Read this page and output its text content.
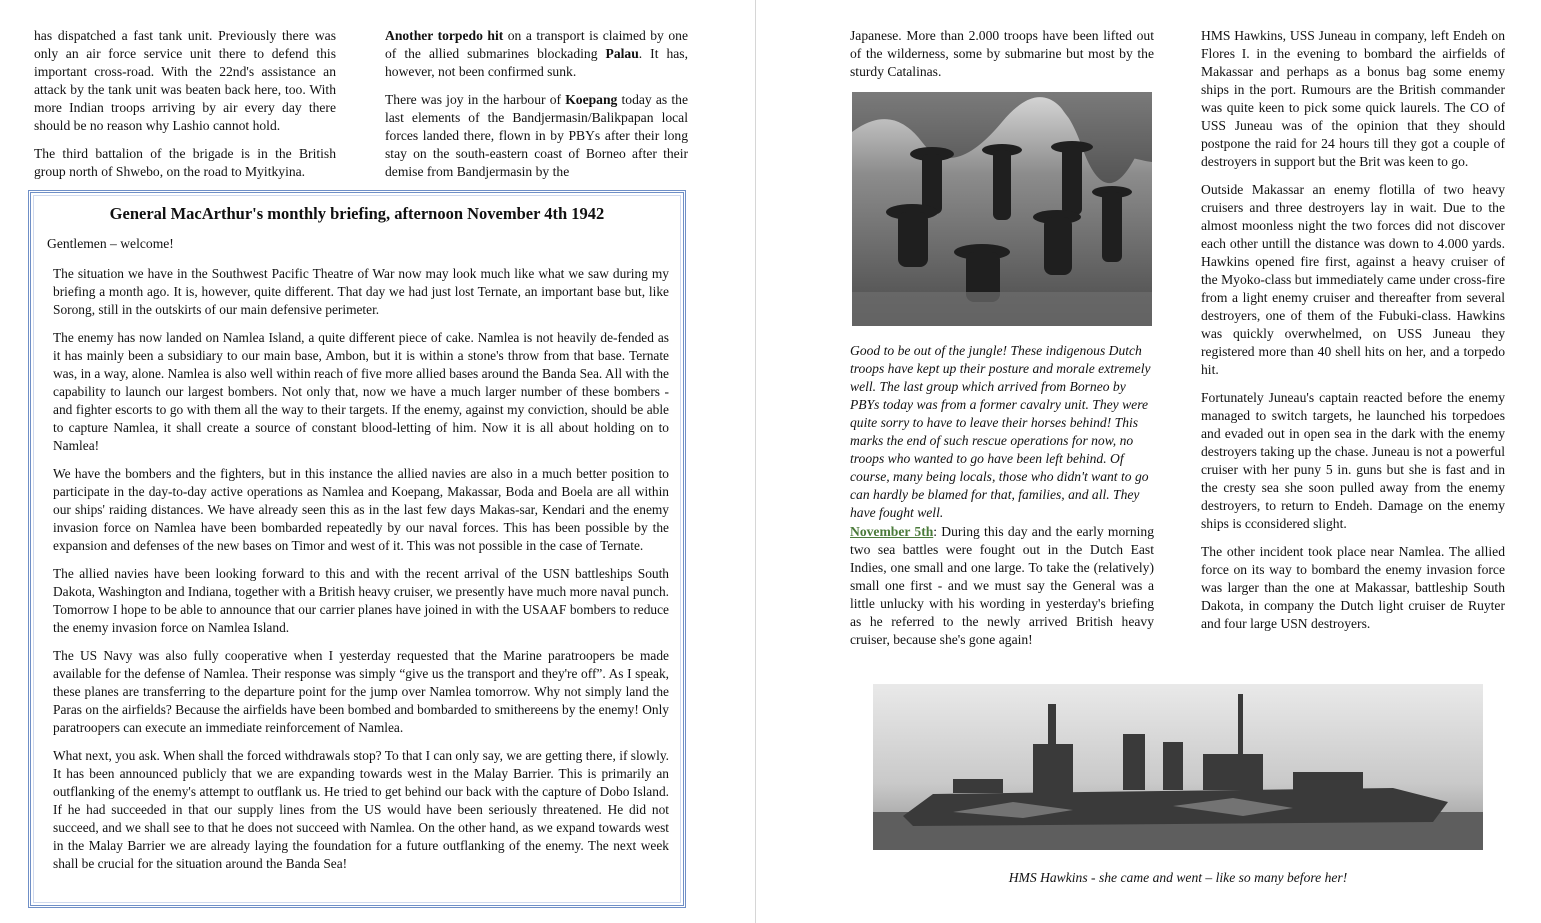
has dispatched a fast tank unit. Previously there was only an air force service unit there to defend this important cross-road. With the 22nd's assistance an attack by the tank unit was beaten back here, too. With more Indian troops arriving by air every day there should be no reason why Lashio cannot hold.

The third battalion of the brigade is in the British group north of Shwebo, on the road to Myitkyina.

Another torpedo hit on a transport is claimed by one of the allied submarines blockading Palau. It has, however, not been confirmed sunk.

There was joy in the harbour of Koepang today as the last elements of the Bandjermasin/Balikpapan local forces landed there, flown in by PBYs after their long stay on the south-eastern coast of Borneo after their demise from Bandjermasin by the

General MacArthur's monthly briefing, afternoon November 4th 1942
Gentlemen – welcome!

The situation we have in the Southwest Pacific Theatre of War now may look much like what we saw during my briefing a month ago. It is, however, quite different. That day we had just lost Ternate, an important base but, like Sorong, still in the outskirts of our main defensive perimeter.

The enemy has now landed on Namlea Island, a quite different piece of cake. Namlea is not heavily de-fended as it has mainly been a subsidiary to our main base, Ambon, but it is within a stone's throw from that base. Ternate was, in a way, alone. Namlea is also well within reach of five more allied bases around the Banda Sea. All with the capability to launch our largest bombers. Not only that, now we have a much larger number of these bombers - and fighter escorts to go with them all the way to their targets. If the enemy, against my conviction, should be able to capture Namlea, it shall create a source of constant blood-letting of him. Now it is all about holding on to Namlea!

We have the bombers and the fighters, but in this instance the allied navies are also in a much better position to participate in the day-to-day active operations as Namlea and Koepang, Makassar, Boda and Boela are all within our ships' raiding distances. We have already seen this as in the last few days Makas-sar, Kendari and the enemy invasion force on Namlea have been bombarded repeatedly by our naval forces. This has been possible by the expansion and defenses of the new bases on Timor and west of it. This was not possible in the case of Ternate.

The allied navies have been looking forward to this and with the recent arrival of the USN battleships South Dakota, Washington and Indiana, together with a British heavy cruiser, we presently have much more naval punch. Tomorrow I hope to be able to announce that our carrier planes have joined in with the USAAF bombers to reduce the enemy invasion force on Namlea Island.

The US Navy was also fully cooperative when I yesterday requested that the Marine paratroopers be made available for the defense of Namlea. Their response was simply “give us the transport and they're off”. As I speak, these planes are transferring to the departure point for the jump over Namlea tomorrow. Why not simply land the Paras on the airfields? Because the airfields have been bombed and bombarded to smithereens by the enemy! Only paratroopers can execute an immediate reinforcement of Namlea.

What next, you ask. When shall the forced withdrawals stop? To that I can only say, we are getting there, if slowly. It has been announced publicly that we are expanding towards west in the Malay Barrier. This is primarily an outflanking of the enemy's attempt to outflank us. He tried to get behind our back with the capture of Dobo Island. If he had succeeded in that our supply lines from the US would have been seriously threatened. He did not succeed, and we shall see to that he does not succeed with Namlea. On the other hand, as we expand towards west in the Malay Barrier we are already laying the foundation for a future outflanking of the enemy. The next week shall be crucial for the situation around the Banda Sea!

Japanese. More than 2.000 troops have been lifted out of the wilderness, some by submarine but most by the sturdy Catalinas.

Good to be out of the jungle! These indigenous Dutch troops have kept up their posture and morale extremely well. The last group which arrived from Borneo by PBYs today was from a former cavalry unit. They were quite sorry to have to leave their horses behind! This marks the end of such rescue operations for now, no troops who wanted to go have been left behind. Of course, many being locals, those who didn't want to go can hardly be blamed for that, families, and all. They have fought well.

November 5th: During this day and the early morning two sea battles were fought out in the Dutch East Indies, one small and one large. To take the (relatively) small one first - and we must say the General was a little unlucky with his wording in yesterday's briefing as he referred to the newly arrived British heavy cruiser, because she's gone again!

HMS Hawkins, USS Juneau in company, left Endeh on Flores I. in the evening to bombard the airfields of Makassar and perhaps as a bonus bag some enemy ships in the port. Rumours are the British commander was quite keen to pick some quick laurels. The CO of USS Juneau was of the opinion that they should postpone the raid for 24 hours till they got a couple of destroyers in support but the Brit was keen to go.

Outside Makassar an enemy flotilla of two heavy cruisers and three destroyers lay in wait. Due to the almost moonless night the two forces did not discover each other untill the distance was down to 4.000 yards. Hawkins opened fire first, against a heavy cruiser of the Myoko-class but immediately came under cross-fire from a light enemy cruiser and thereafter from several destroyers, one of them of the Fubuki-class. Hawkins was quickly overwhelmed, on USS Juneau they registered more than 40 shell hits on her, and a torpedo hit.

Fortunately Juneau's captain reacted before the enemy managed to switch targets, he launched his torpedoes and evaded out in open sea in the dark with the enemy destroyers taking up the chase. Juneau is not a powerful cruiser with her puny 5 in. guns but she is fast and in the cresty sea she soon pulled away from the enemy destroyers, to return to Endeh. Damage on the enemy ships is cconsidered slight.

The other incident took place near Namlea. The allied force on its way to bombard the enemy invasion force was larger than the one at Makassar, battleship South Dakota, in company the Dutch light cruiser de Ruyter and four large USN destroyers.

HMS Hawkins - she came and went – like so many before her!
